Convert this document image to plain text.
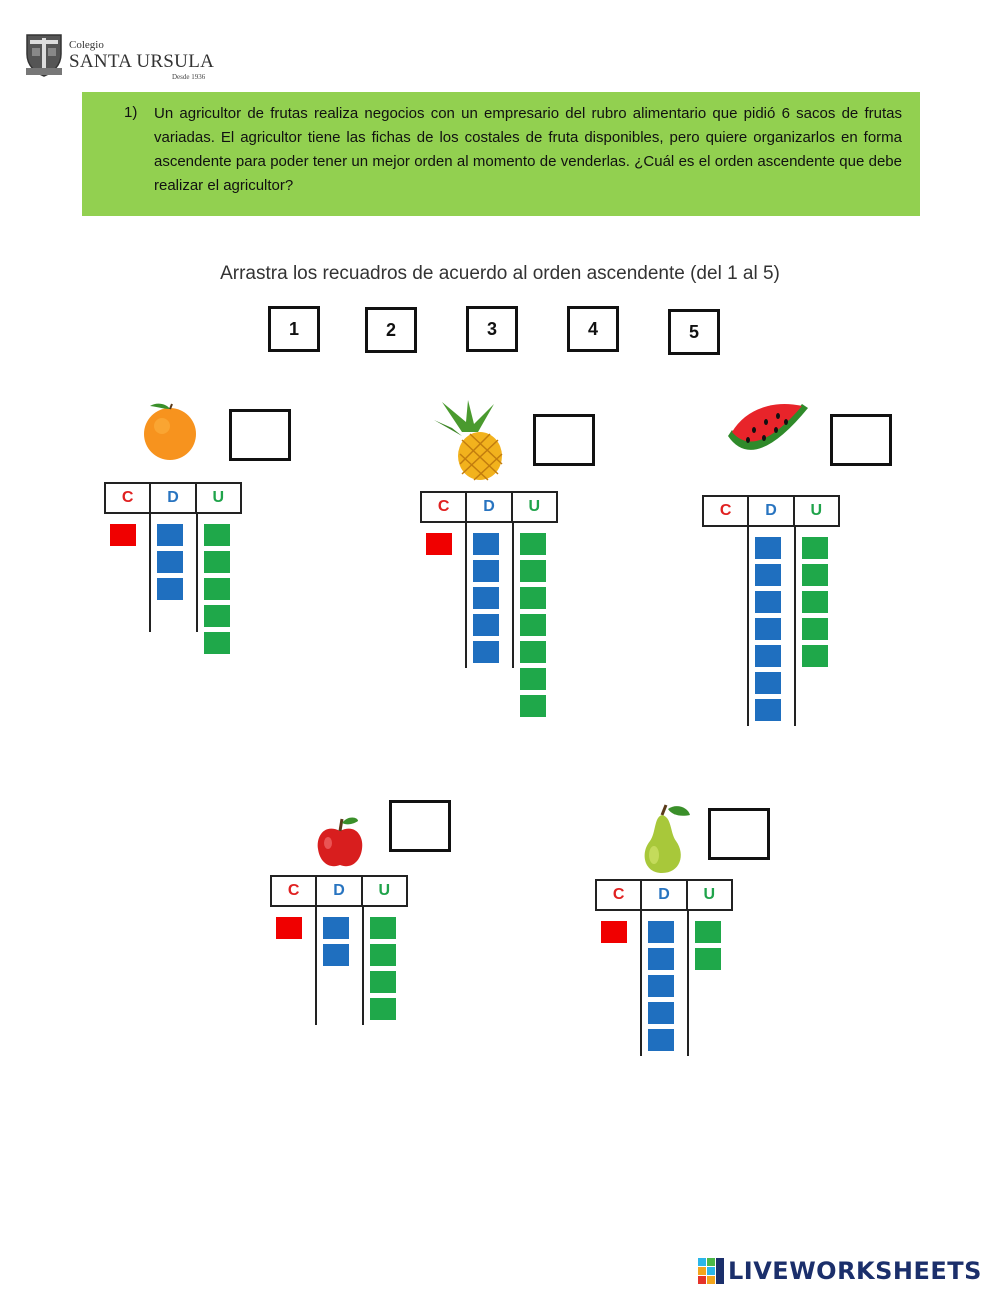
Colegio
SANTA URSULA
Desde 1936
1) Un agricultor de frutas realiza negocios con un empresario del rubro alimentario que pidió 6 sacos de frutas variadas. El agricultor tiene las fichas de los costales de fruta disponibles, pero quiere organizarlos en forma ascendente para poder tener un mejor orden al momento de venderlas. ¿Cuál es el orden ascendente que debe realizar el agricultor?
Arrastra los recuadros de acuerdo al orden ascendente (del 1 al 5)
1	2	3	4	5
C	D	U
C	D	U	C	D	U
C	D	U	C	D	U
LIVEWORKSHEETS
